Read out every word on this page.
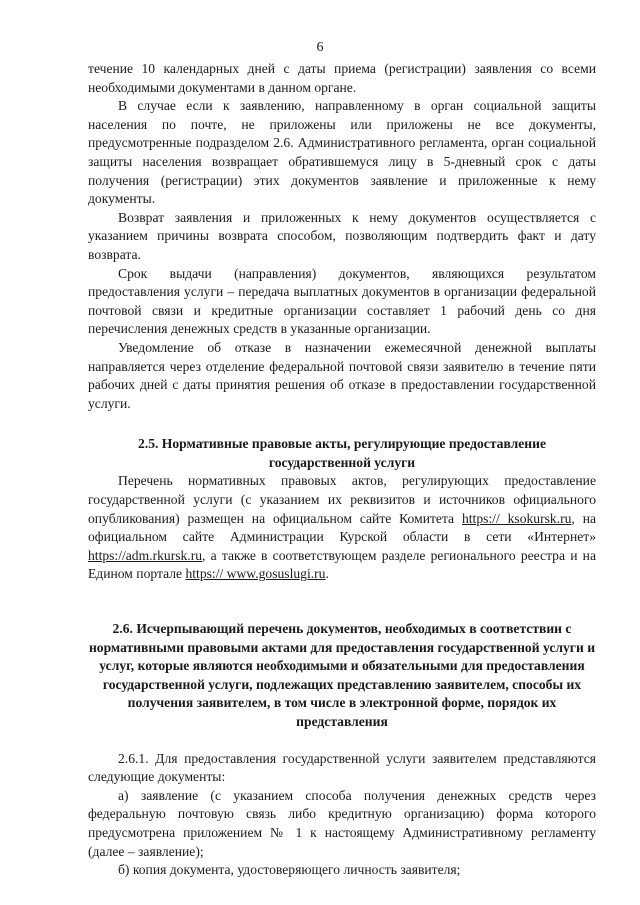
6

течение 10 календарных дней с даты приема (регистрации) заявления со всеми необходимыми документами в данном органе.

В случае если к заявлению, направленному в орган социальной защиты населения по почте, не приложены или приложены не все документы, предусмотренные подразделом 2.6. Административного регламента, орган социальной защиты населения возвращает обратившемуся лицу в 5-дневный срок с даты получения (регистрации) этих документов заявление и приложенные к нему документы.

Возврат заявления и приложенных к нему документов осуществляется с указанием причины возврата способом, позволяющим подтвердить факт и дату возврата.

Срок выдачи (направления) документов, являющихся результатом предоставления услуги – передача выплатных документов в организации федеральной почтовой связи и кредитные организации составляет 1 рабочий день со дня перечисления денежных средств в указанные организации.

Уведомление об отказе в назначении ежемесячной денежной выплаты направляется через отделение федеральной почтовой связи заявителю в течение пяти рабочих дней с даты принятия решения об отказе в предоставлении государственной услуги.

2.5. Нормативные правовые акты, регулирующие предоставление государственной услуги

Перечень нормативных правовых актов, регулирующих предоставление государственной услуги (с указанием их реквизитов и источников официального опубликования) размещен на официальном сайте Комитета https:// ksokursk.ru, на официальном сайте Администрации Курской области в сети «Интернет» https://adm.rkursk.ru, а также в соответствующем разделе регионального реестра и на Едином портале https:// www.gosuslugi.ru.

2.6. Исчерпывающий перечень документов, необходимых в соответствии с нормативными правовыми актами для предоставления государственной услуги и услуг, которые являются необходимыми и обязательными для предоставления государственной услуги, подлежащих представлению заявителем, способы их получения заявителем, в том числе в электронной форме, порядок их представления

2.6.1. Для предоставления государственной услуги заявителем представляются следующие документы:

а) заявление (с указанием способа получения денежных средств через федеральную почтовую связь либо кредитную организацию) форма которого предусмотрена приложением № 1 к настоящему Административному регламенту (далее – заявление);

б) копия документа, удостоверяющего личность заявителя;
